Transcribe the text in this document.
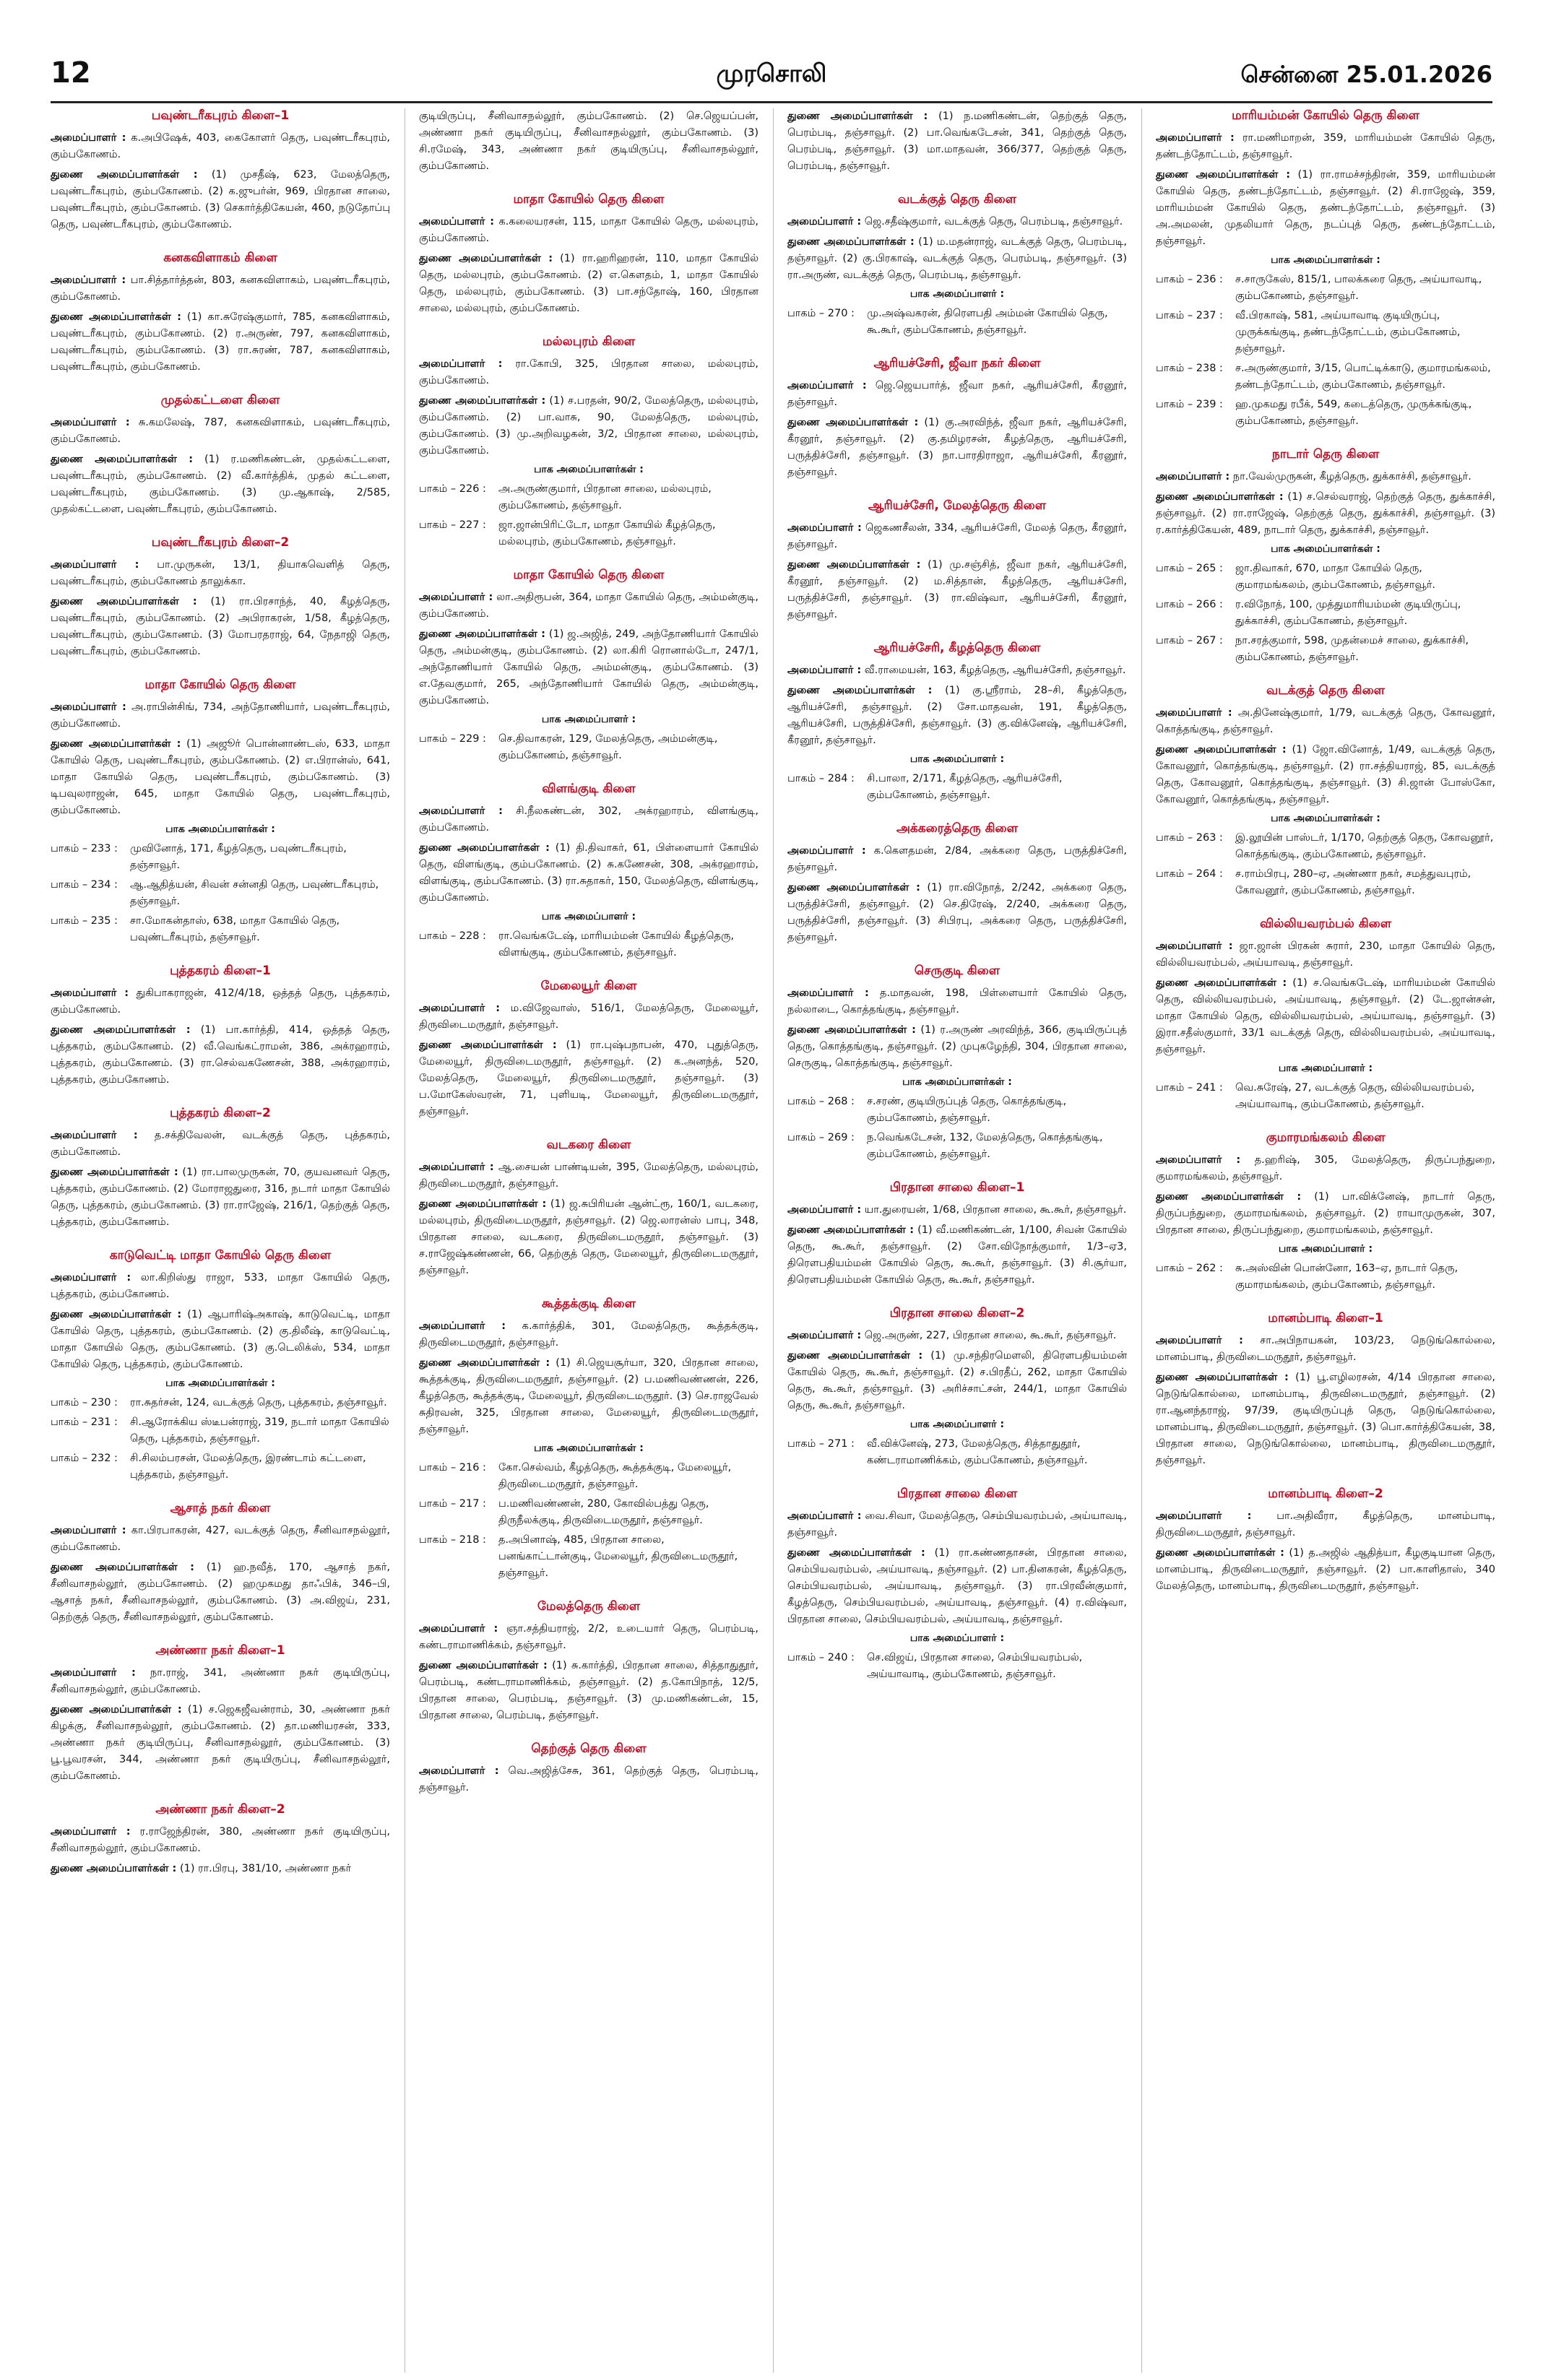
12	முரசொலி	சென்னை 25.01.2026
பவுண்டரீகபுரம் கிளை–1
அமைப்பாளர் : க.அபிஷேக், 403, கைகோளர் தெரு, பவுண்டரீகபுரம், கும்பகோணம்.
துணை அமைப்பாளர்கள் : (1) முசதீஷ், 623, மேலத்தெரு, பவுண்டரீகபுரம், கும்பகோணம். (2) க.ஜுபர்ன், 969, பிரதான சாலை, பவுண்டரீகபுரம், கும்பகோணம். (3) செகார்த்திகேயன், 460, நடுதோப்பு தெரு, பவுண்டரீகபுரம், கும்பகோணம்.
கனகவிளாகம் கிளை
அமைப்பாளர் : பா.சித்தார்த்தன், 803, கனகவிளாகம், பவுண்டரீகபுரம், கும்பகோணம்.
துணை அமைப்பாளர்கள் : (1) கா.சுரேஷ்குமார், 785, கனகவிளாகம், பவுண்டரீகபுரம், கும்பகோணம். (2) ர.அருண், 797, கனகவிளாகம், பவுண்டரீகபுரம், கும்பகோணம். (3) ரா.சுரண், 787, கனகவிளாகம், பவுண்டரீகபுரம், கும்பகோணம்.
முதல்கட்டளை கிளை
அமைப்பாளர் : சு.கமலேஷ், 787, கனகவிளாகம், பவுண்டரீகபுரம், கும்பகோணம்.
துணை அமைப்பாளர்கள் : (1) ர.மணிகண்டன், முதல்கட்டளை, பவுண்டரீகபுரம், கும்பகோணம். (2) வீ.கார்த்திக், முதல் கட்டளை, பவுண்டரீகபுரம், கும்பகோணம். (3) மு.ஆகாஷ், 2/585, முதல்கட்டளை, பவுண்டரீகபுரம், கும்பகோணம்.
பவுண்டரீகபுரம் கிளை–2
அமைப்பாளர் : பா.முருகன், 13/1, தியாகவெளித் தெரு, பவுண்டரீகபுரம், கும்பகோணம் தாலுக்கா.
துணை அமைப்பாளர்கள் : (1) ரா.பிரசாந்த், 40, கீழத்தெரு, பவுண்டரீகபுரம், கும்பகோணம். (2) அபிராகரன், 1/58, கீழத்தெரு, பவுண்டரீகபுரம், கும்பகோணம். (3) மோபரதராஜ், 64, நேதாஜி தெரு, பவுண்டரீகபுரம், கும்பகோணம்.
மாதா கோயில் தெரு கிளை
அமைப்பாளர் : அ.ராபின்சிங், 734, அந்தோணியார், பவுண்டரீகபுரம், கும்பகோணம்.
துணை அமைப்பாளர்கள் : (1) அஜூர் பொன்னாண்டஸ், 633, மாதா கோயில் தெரு, பவுண்டரீகபுரம், கும்பகோணம். (2) எ.பிரான்ஸ், 641, மாதா கோயில் தெரு, பவுண்டரீகபுரம், கும்பகோணம். (3) டிபவுலராஜன், 645, மாதா கோயில் தெரு, பவுண்டரீகபுரம், கும்பகோணம்.
பாக அமைப்பாளர்கள் :
பாகம் – 233 :	முவினோத், 171, கீழத்தெரு, பவுண்டரீகபுரம், தஞ்சாவூர்.
பாகம் – 234 :	ஆ.ஆதித்யன், சிவன் சன்னதி தெரு, பவுண்டரீகபுரம், தஞ்சாவூர்.
பாகம் – 235 :	சா.மோகன்தாஸ், 638, மாதா கோயில் தெரு, பவுண்டரீகபுரம், தஞ்சாவூர்.
புத்தகரம் கிளை–1
அமைப்பாளர் : துகிபாகராஜன், 412/4/18, ஒத்தத் தெரு, புத்தகரம், கும்பகோணம்.
துணை அமைப்பாளர்கள் : (1) பா.கார்த்தி, 414, ஒத்தத் தெரு, புத்தகரம், கும்பகோணம். (2) வீ.வெங்கட்ராமன், 386, அக்ரஹாரம், புத்தகரம், கும்பகோணம். (3) ரா.செல்வகணேசன், 388, அக்ரஹாரம், புத்தகரம், கும்பகோணம்.
புத்தகரம் கிளை–2
அமைப்பாளர் : த.சக்திவேலன், வடக்குத் தெரு, புத்தகரம், கும்பகோணம்.
துணை அமைப்பாளர்கள் : (1) ரா.பாலமுருகன், 70, குயவனவர் தெரு, புத்தகரம், கும்பகோணம். (2) மோராஜதுரை, 316, நடார் மாதா கோயில் தெரு, புத்தகரம், கும்பகோணம். (3) ரா.ராஜேஷ், 216/1, தெற்குத் தெரு, புத்தகரம், கும்பகோணம்.
காடுவெட்டி மாதா கோயில் தெரு கிளை
அமைப்பாளர் : லா.கிறிஸ்து ராஜா, 533, மாதா கோயில் தெரு, புத்தகரம், கும்பகோணம்.
துணை அமைப்பாளர்கள் : (1) ஆபாரிஷ்அகாஷ், காடுவெட்டி, மாதா கோயில் தெரு, புத்தகரம், கும்பகோணம். (2) கு.திலீஷ், காடுவெட்டி, மாதா கோயில் தெரு, கும்பகோணம். (3) கு.டெலிக்ஸ், 534, மாதா கோயில் தெரு, புத்தகரம், கும்பகோணம்.
பாக அமைப்பாளர்கள் :
பாகம் – 230 :	ரா.சுதர்சன், 124, வடக்குத் தெரு, புத்தகரம், தஞ்சாவூர்.
பாகம் – 231 :	சி.ஆரோக்கிய ஸ்டீபன்ராஜ், 319, நடார் மாதா கோயில் தெரு, புத்தகரம், தஞ்சாவூர்.
பாகம் – 232 :	சி.சிலம்பரசன், மேலத்தெரு, இரண்டாம் கட்டளை, புத்தகரம், தஞ்சாவூர்.
ஆசாத் நகர் கிளை
அமைப்பாளர் : கா.பிரபாகரன், 427, வடக்குத் தெரு, சீனிவாசநல்லூர், கும்பகோணம்.
துணை அமைப்பாளர்கள் : (1) ஹ.நவீத், 170, ஆசாத் நகர், சீனிவாசநல்லூர், கும்பகோணம். (2) ஹமுகமது தாஃபிக், 346–பி, ஆசாத் நகர், சீனிவாசநல்லூர், கும்பகோணம். (3) அ.விஜய், 231, தெற்குத் தெரு, சீனிவாசநல்லூர், கும்பகோணம்.
அண்ணா நகர் கிளை–1
அமைப்பாளர் : நா.ராஜ், 341, அண்ணா நகர் குடியிருப்பு, சீனிவாசநல்லூர், கும்பகோணம்.
துணை அமைப்பாளர்கள் : (1) ச.ஜெகஜீவன்ராம், 30, அண்ணா நகர் கிழக்கு, சீனிவாசநல்லூர், கும்பகோணம். (2) தா.மணியரசன், 333, அண்ணா நகர் குடியிருப்பு, சீனிவாசநல்லூர், கும்பகோணம். (3) பூ.பூவரசன், 344, அண்ணா நகர் குடியிருப்பு, சீனிவாசநல்லூர், கும்பகோணம்.
அண்ணா நகர் கிளை–2
அமைப்பாளர் : ர.ராஜேந்திரன், 380, அண்ணா நகர் குடியிருப்பு, சீனிவாசநல்லூர், கும்பகோணம்.
துணை அமைப்பாளர்கள் : (1) ரா.பிரபு, 381/10, அண்ணா நகர்
குடியிருப்பு, சீனிவாசநல்லூர், கும்பகோணம். (2) செ.ஜெயப்பன், அண்ணா நகர் குடியிருப்பு, சீனிவாசநல்லூர், கும்பகோணம். (3) சி.ரமேஷ், 343, அண்ணா நகர் குடியிருப்பு, சீனிவாசநல்லூர், கும்பகோணம்.
மாதா கோயில் தெரு கிளை
அமைப்பாளர் : க.கலையரசன், 115, மாதா கோயில் தெரு, மல்லபுரம், கும்பகோணம்.
துணை அமைப்பாளர்கள் : (1) ரா.ஹரிஹரன், 110, மாதா கோயில் தெரு, மல்லபுரம், கும்பகோணம். (2) எ.கெளதம், 1, மாதா கோயில் தெரு, மல்லபுரம், கும்பகோணம். (3) பா.சந்தோஷ், 160, பிரதான சாலை, மல்லபுரம், கும்பகோணம்.
மல்லபுரம் கிளை
அமைப்பாளர் : ரா.கோபி, 325, பிரதான சாலை, மல்லபுரம், கும்பகோணம்.
துணை அமைப்பாளர்கள் : (1) ச.பரதன், 90/2, மேலத்தெரு, மல்லபுரம், கும்பகோணம். (2) பா.வாசு, 90, மேலத்தெரு, மல்லபுரம், கும்பகோணம். (3) மு.அறிவழகன், 3/2, பிரதான சாலை, மல்லபுரம், கும்பகோணம்.
பாக அமைப்பாளர்கள் :
பாகம் – 226 :	அ.அருண்குமார், பிரதான சாலை, மல்லபுரம், கும்பகோணம், தஞ்சாவூர்.
பாகம் – 227 :	ஜா.ஜான்பிரிட்டோ, மாதா கோயில் கீழத்தெரு, மல்லபுரம், கும்பகோணம், தஞ்சாவூர்.
மாதா கோயில் தெரு கிளை
அமைப்பாளர் : லா.அதிரூபன், 364, மாதா கோயில் தெரு, அம்மன்குடி, கும்பகோணம்.
துணை அமைப்பாளர்கள் : (1) ஜ.அஜித், 249, அந்தோணியார் கோயில் தெரு, அம்மன்குடி, கும்பகோணம். (2) லா.கிரி ரொனால்டோ, 247/1, அந்தோணியார் கோயில் தெரு, அம்மன்குடி, கும்பகோணம். (3) எ.தேவகுமார், 265, அந்தோணியார் கோயில் தெரு, அம்மன்குடி, கும்பகோணம்.
பாக அமைப்பாளர் :
பாகம் – 229 :	செ.திவாகரன், 129, மேலத்தெரு, அம்மன்குடி, கும்பகோணம், தஞ்சாவூர்.
விளங்குடி கிளை
அமைப்பாளர் : சி.நீலகண்டன், 302, அக்ரஹாரம், விளங்குடி, கும்பகோணம்.
துணை அமைப்பாளர்கள் : (1) தி.திவாகர், 61, பிள்ளையார் கோயில் தெரு, விளங்குடி, கும்பகோணம். (2) சு.கணேசன், 308, அக்ரஹாரம், விளங்குடி, கும்பகோணம். (3) ரா.சுதாகர், 150, மேலத்தெரு, விளங்குடி, கும்பகோணம்.
பாக அமைப்பாளர் :
பாகம் – 228 :	ரா.வெங்கடேஷ், மாரியம்மன் கோயில் கீழத்தெரு, விளங்குடி, கும்பகோணம், தஞ்சாவூர்.
மேலையூர் கிளை
அமைப்பாளர் : ம.விஜேவாஸ், 516/1, மேலத்தெரு, மேலையூர், திருவிடைமருதூர், தஞ்சாவூர்.
துணை அமைப்பாளர்கள் : (1) ரா.புஷ்பநாபன், 470, புதுத்தெரு, மேலையூர், திருவிடைமருதூர், தஞ்சாவூர். (2) க.அனந்த், 520, மேலத்தெரு, மேலையூர், திருவிடைமருதூர், தஞ்சாவூர். (3) ப.மோகேஸ்வரன், 71, புளியடி, மேலையூர், திருவிடைமருதூர், தஞ்சாவூர்.
வடகரை கிளை
அமைப்பாளர் : ஆ.சையன் பாண்டியன், 395, மேலத்தெரு, மல்லபுரம், திருவிடைமருதூர், தஞ்சாவூர்.
துணை அமைப்பாளர்கள் : (1) ஜ.சுபிரியன் ஆன்ட்ரூ, 160/1, வடகரை, மல்லபுரம், திருவிடைமருதூர், தஞ்சாவூர். (2) ஜெ.லாரன்ஸ் பாபு, 348, பிரதான சாலை, வடகரை, திருவிடைமருதூர், தஞ்சாவூர். (3) ச.ராஜேஷ்கண்ணன், 66, தெற்குத் தெரு, மேலையூர், திருவிடைமருதூர், தஞ்சாவூர்.
கூத்தக்குடி கிளை
அமைப்பாளர் : க.கார்த்திக், 301, மேலத்தெரு, கூத்தக்குடி, திருவிடைமருதூர், தஞ்சாவூர்.
துணை அமைப்பாளர்கள் : (1) சி.ஜெயசூர்யா, 320, பிரதான சாலை, கூத்தக்குடி, திருவிடைமருதூர், தஞ்சாவூர். (2) ப.மணிவண்ணன், 226, கீழத்தெரு, கூத்தக்குடி, மேலையூர், திருவிடைமருதூர். (3) செ.ராஜவேல் சுதிரவன், 325, பிரதான சாலை, மேலையூர், திருவிடைமருதூர், தஞ்சாவூர்.
பாக அமைப்பாளர்கள் :
பாகம் – 216 :	கோ.செல்வம், கீழத்தெரு, கூத்தக்குடி, மேலையூர், திருவிடைமருதூர், தஞ்சாவூர்.
பாகம் – 217 :	ப.மணிவண்ணன், 280, கோவில்பத்து தெரு, திருநீலக்குடி, திருவிடைமருதூர், தஞ்சாவூர்.
பாகம் – 218 :	த.அபினாஷ், 485, பிரதான சாலை, பனங்காட்டான்குடி, மேலையூர், திருவிடைமருதூர், தஞ்சாவூர்.
மேலத்தெரு கிளை
அமைப்பாளர் : ஞா.சத்தியராஜ், 2/2, உடையார் தெரு, பெரம்படி, கண்டராமாணிக்கம், தஞ்சாவூர்.
துணை அமைப்பாளர்கள் : (1) சு.கார்த்தி, பிரதான சாலை, சித்தாதுதூர், பெரம்படி, கண்டராமாணிக்கம், தஞ்சாவூர். (2) த.கோபிநாத், 12/5, பிரதான சாலை, பெரம்படி, தஞ்சாவூர். (3) மு.மணிகண்டன், 15, பிரதான சாலை, பெரம்படி, தஞ்சாவூர்.
தெற்குத் தெரு கிளை
அமைப்பாளர் : வெ.அஜித்சேசு, 361, தெற்குத் தெரு, பெரம்படி, தஞ்சாவூர்.
துணை அமைப்பாளர்கள் : (1) ந.மணிகண்டன், தெற்குத் தெரு, பெரம்படி, தஞ்சாவூர். (2) பா.வெங்கடேசன், 341, தெற்குத் தெரு, பெரம்படி, தஞ்சாவூர். (3) மா.மாதவன், 366/377, தெற்குத் தெரு, பெரம்படி, தஞ்சாவூர்.
வடக்குத் தெரு கிளை
அமைப்பாளர் : ஜெ.சதீஷ்குமார், வடக்குத் தெரு, பெரம்படி, தஞ்சாவூர்.
துணை அமைப்பாளர்கள் : (1) ம.மதன்ராஜ், வடக்குத் தெரு, பெரம்படி, தஞ்சாவூர். (2) கு.பிரகாஷ், வடக்குத் தெரு, பெரம்படி, தஞ்சாவூர். (3) ரா.அருண், வடக்குத் தெரு, பெரம்படி, தஞ்சாவூர்.
பாக அமைப்பாளர் :
பாகம் – 270 :	மு.அஷ்வகரன், திரௌபதி அம்மன் கோயில் தெரு, கூ.கூர், கும்பகோணம், தஞ்சாவூர்.
ஆரியச்சேரி, ஜீவா நகர் கிளை
அமைப்பாளர் : ஜெ.ஜெயபார்த், ஜீவா நகர், ஆரியச்சேரி, கீரனூர், தஞ்சாவூர்.
துணை அமைப்பாளர்கள் : (1) கு.அரவிந்த், ஜீவா நகர், ஆரியச்சேரி, கீரனூர், தஞ்சாவூர். (2) கு.தமிழரசன், கீழத்தெரு, ஆரியச்சேரி, பருத்திச்சேரி, தஞ்சாவூர். (3) நா.பாரதிராஜா, ஆரியச்சேரி, கீரனூர், தஞ்சாவூர்.
ஆரியச்சேரி, மேலத்தெரு கிளை
அமைப்பாளர் : ஜெகணசீலன், 334, ஆரியச்சேரி, மேலத் தெரு, கீரனூர், தஞ்சாவூர்.
துணை அமைப்பாளர்கள் : (1) மு.சஞ்சித், ஜீவா நகர், ஆரியச்சேரி, கீரனூர், தஞ்சாவூர். (2) ம.சித்தான், கீழத்தெரு, ஆரியச்சேரி, பருத்திச்சேரி, தஞ்சாவூர். (3) ரா.விஷ்வா, ஆரியச்சேரி, கீரனூர், தஞ்சாவூர்.
ஆரியச்சேரி, கீழத்தெரு கிளை
அமைப்பாளர் : வீ.ராமையன், 163, கீழத்தெரு, ஆரியச்சேரி, தஞ்சாவூர்.
துணை அமைப்பாளர்கள் : (1) கு.ஸ்ரீராம், 28–சி, கீழத்தெரு, ஆரியச்சேரி, தஞ்சாவூர். (2) சோ.மாதவன், 191, கீழத்தெரு, ஆரியச்சேரி, பருத்திச்சேரி, தஞ்சாவூர். (3) கு.விக்னேஷ், ஆரியச்சேரி, கீரனூர், தஞ்சாவூர்.
பாக அமைப்பாளர் :
பாகம் – 284 :	சி.பாலா, 2/171, கீழத்தெரு, ஆரியச்சேரி, கும்பகோணம், தஞ்சாவூர்.
அக்கரைத்தெரு கிளை
அமைப்பாளர் : க.கெளதமன், 2/84, அக்கரை தெரு, பருத்திச்சேரி, தஞ்சாவூர்.
துணை அமைப்பாளர்கள் : (1) ரா.விநோத், 2/242, அக்கரை தெரு, பருத்திச்சேரி, தஞ்சாவூர். (2) செ.திரேஷ், 2/240, அக்கரை தெரு, பருத்திச்சேரி, தஞ்சாவூர். (3) சிபிரபு, அக்கரை தெரு, பருத்திச்சேரி, தஞ்சாவூர்.
செருகுடி கிளை
அமைப்பாளர் : த.மாதவன், 198, பிள்ளையார் கோயில் தெரு, நல்லாடை, கொத்தங்குடி, தஞ்சாவூர்.
துணை அமைப்பாளர்கள் : (1) ர.அருண் அரவிந்த், 366, குடியிருப்புத் தெரு, கொத்தங்குடி, தஞ்சாவூர். (2) முபுகழேந்தி, 304, பிரதான சாலை, செருகுடி, கொத்தங்குடி, தஞ்சாவூர்.
பாக அமைப்பாளர்கள் :
பாகம் – 268 :	ச.சரண், குடியிருப்புத் தெரு, கொத்தங்குடி, கும்பகோணம், தஞ்சாவூர்.
பாகம் – 269 :	ந.வெங்கடேசன், 132, மேலத்தெரு, கொத்தங்குடி, கும்பகோணம், தஞ்சாவூர்.
பிரதான சாலை கிளை–1
அமைப்பாளர் : யா.துரையன், 1/68, பிரதான சாலை, கூ.கூர், தஞ்சாவூர்.
துணை அமைப்பாளர்கள் : (1) வீ.மணிகண்டன், 1/100, சிவன் கோயில் தெரு, கூ.கூர், தஞ்சாவூர். (2) சோ.விநோத்குமார், 1/3–ஏ3, திரௌபதியம்மன் கோயில் தெரு, கூ.கூர், தஞ்சாவூர். (3) சி.சூர்யா, திரௌபதியம்மன் கோயில் தெரு, கூ.கூர், தஞ்சாவூர்.
பிரதான சாலை கிளை–2
அமைப்பாளர் : ஜெ.அருண், 227, பிரதான சாலை, கூ.கூர், தஞ்சாவூர்.
துணை அமைப்பாளர்கள் : (1) மு.சந்திரமௌலி, திரௌபதியம்மன் கோயில் தெரு, கூ.கூர், தஞ்சாவூர். (2) ச.பிரதீப், 262, மாதா கோயில் தெரு, கூ.கூர், தஞ்சாவூர். (3) அரிச்சாட்சன், 244/1, மாதா கோயில் தெரு, கூ.கூர், தஞ்சாவூர்.
பாக அமைப்பாளர் :
பாகம் – 271 :	வீ.விக்னேஷ், 273, மேலத்தெரு, சித்தாதுதூர், கண்டராமாணிக்கம், கும்பகோணம், தஞ்சாவூர்.
பிரதான சாலை கிளை
அமைப்பாளர் : வை.சிவா, மேலத்தெரு, செம்பியவரம்பல், அய்யாவடி, தஞ்சாவூர்.
துணை அமைப்பாளர்கள் : (1) ரா.கண்ணதாசன், பிரதான சாலை, செம்பியவரம்பல், அய்யாவடி, தஞ்சாவூர். (2) பா.தினகரன், கீழத்தெரு, செம்பியவரம்பல், அய்யாவடி, தஞ்சாவூர். (3) ரா.பிரவீன்குமார், கீழத்தெரு, செம்பியவரம்பல், அய்யாவடி, தஞ்சாவூர். (4) ர.விஷ்வா, பிரதான சாலை, செம்பியவரம்பல், அய்யாவடி, தஞ்சாவூர்.
பாக அமைப்பாளர் :
பாகம் – 240 :	செ.விஜய், பிரதான சாலை, செம்பியவரம்பல், அய்யாவாடி, கும்பகோணம், தஞ்சாவூர்.
மாரியம்மன் கோயில் தெரு கிளை
அமைப்பாளர் : ரா.மணிமாறன், 359, மாரியம்மன் கோயில் தெரு, தண்டந்தோட்டம், தஞ்சாவூர்.
துணை அமைப்பாளர்கள் : (1) ரா.ராமச்சந்திரன், 359, மாரியம்மன் கோயில் தெரு, தண்டந்தோட்டம், தஞ்சாவூர். (2) சி.ராஜேஷ், 359, மாரியம்மன் கோயில் தெரு, தண்டந்தோட்டம், தஞ்சாவூர். (3) அ.அமலன், முதலியார் தெரு, நடப்புத் தெரு, தண்டந்தோட்டம், தஞ்சாவூர்.
பாக அமைப்பாளர்கள் :
பாகம் – 236 :	ச.சாருகேஸ், 815/1, பாலக்கரை தெரு, அய்யாவாடி, கும்பகோணம், தஞ்சாவூர்.
பாகம் – 237 :	வீ.பிரகாஷ், 581, அய்யாவாடி குடியிருப்பு, முருக்கங்குடி, தண்டந்தோட்டம், கும்பகோணம், தஞ்சாவூர்.
பாகம் – 238 :	ச.அருண்குமார், 3/15, பொட்டிக்காடு, குமாரமங்கலம், தண்டந்தோட்டம், கும்பகோணம், தஞ்சாவூர்.
பாகம் – 239 :	ஹ.முகமது ரபீக், 549, கடைத்தெரு, முருக்கங்குடி, கும்பகோணம், தஞ்சாவூர்.
நாடார் தெரு கிளை
அமைப்பாளர் : நா.வேல்முருகன், கீழத்தெரு, துக்காச்சி, தஞ்சாவூர்.
துணை அமைப்பாளர்கள் : (1) ச.செல்வராஜ், தெற்குத் தெரு, துக்காச்சி, தஞ்சாவூர். (2) ரா.ராஜேஷ், தெற்குத் தெரு, துக்காச்சி, தஞ்சாவூர். (3) ர.கார்த்திகேயன், 489, நாடார் தெரு, துக்காச்சி, தஞ்சாவூர்.
பாக அமைப்பாளர்கள் :
பாகம் – 265 :	ஜா.திவாகர், 670, மாதா கோயில் தெரு, குமாரமங்கலம், கும்பகோணம், தஞ்சாவூர்.
பாகம் – 266 :	ர.விநோத், 100, முத்துமாரியம்மன் குடியிருப்பு, துக்காச்சி, கும்பகோணம், தஞ்சாவூர்.
பாகம் – 267 :	நா.சரத்குமார், 598, முதன்மைச் சாலை, துக்காச்சி, கும்பகோணம், தஞ்சாவூர்.
வடக்குத் தெரு கிளை
அமைப்பாளர் : அ.தினேஷ்குமார், 1/79, வடக்குத் தெரு, கோவனூர், கொத்தங்குடி, தஞ்சாவூர்.
துணை அமைப்பாளர்கள் : (1) ஜோ.வினோத், 1/49, வடக்குத் தெரு, கோவனூர், கொத்தங்குடி, தஞ்சாவூர். (2) ரா.சத்தியராஜ், 85, வடக்குத் தெரு, கோவனூர், கொத்தங்குடி, தஞ்சாவூர். (3) சி.ஜான் போஸ்கோ, கோவனூர், கொத்தங்குடி, தஞ்சாவூர்.
பாக அமைப்பாளர்கள் :
பாகம் – 263 :	இ.லூயின் பாஸ்டர், 1/170, தெற்குத் தெரு, கோவனூர், கொத்தங்குடி, கும்பகோணம், தஞ்சாவூர்.
பாகம் – 264 :	ச.ராம்பிரபு, 280–ஏ, அண்ணா நகர், சமத்துவபுரம், கோவனூர், கும்பகோணம், தஞ்சாவூர்.
வில்லியவரம்பல் கிளை
அமைப்பாளர் : ஜா.ஜான் பிரகன் சுரார், 230, மாதா கோயில் தெரு, வில்லியவரம்பல், அய்யாவடி, தஞ்சாவூர்.
துணை அமைப்பாளர்கள் : (1) ச.வெங்கடேஷ், மாரியம்மன் கோயில் தெரு, வில்லியவரம்பல், அய்யாவடி, தஞ்சாவூர். (2) டே.ஜான்சன், மாதா கோயில் தெரு, வில்லியவரம்பல், அய்யாவடி, தஞ்சாவூர். (3) இரா.சதீஸ்குமார், 33/1 வடக்குத் தெரு, வில்லியவரம்பல், அய்யாவடி, தஞ்சாவூர்.
பாக அமைப்பாளர் :
பாகம் – 241 :	வெ.சுரேஷ், 27, வடக்குத் தெரு, வில்லியவரம்பல், அய்யாவாடி, கும்பகோணம், தஞ்சாவூர்.
குமாரமங்கலம் கிளை
அமைப்பாளர் : த.ஹரிஷ், 305, மேலத்தெரு, திருப்பந்துறை, குமாரமங்கலம், தஞ்சாவூர்.
துணை அமைப்பாளர்கள் : (1) பா.விக்னேஷ், நாடார் தெரு, திருப்பந்துறை, குமாரமங்கலம், தஞ்சாவூர். (2) ராயாமுருகன், 307, பிரதான சாலை, திருப்பந்துறை, குமாரமங்கலம், தஞ்சாவூர்.
பாக அமைப்பாளர் :
பாகம் – 262 :	சு.அஸ்வின் பொன்னோ, 163–ஏ, நாடார் தெரு, குமாரமங்கலம், கும்பகோணம், தஞ்சாவூர்.
மானம்பாடி கிளை–1
அமைப்பாளர் : சா.அபிநாயகன், 103/23, நெடுங்கொல்லை, மானம்பாடி, திருவிடைமருதூர், தஞ்சாவூர்.
துணை அமைப்பாளர்கள் : (1) பூ.எழிலரசன், 4/14 பிரதான சாலை, நெடுங்கொல்லை, மானம்பாடி, திருவிடைமருதூர், தஞ்சாவூர். (2) ரா.ஆனந்தராஜ், 97/39, குடியிருப்புத் தெரு, நெடுங்கொல்லை, மானம்பாடி, திருவிடைமருதூர், தஞ்சாவூர். (3) பொ.கார்த்திகேயன், 38, பிரதான சாலை, நெடுங்கொல்லை, மானம்பாடி, திருவிடைமருதூர், தஞ்சாவூர்.
மானம்பாடி கிளை–2
அமைப்பாளர் : பா.அதிவீரா, கீழத்தெரு, மானம்பாடி, திருவிடைமருதூர், தஞ்சாவூர்.
துணை அமைப்பாளர்கள் : (1) த.அஜில் ஆதித்யா, கீழகுடியான தெரு, மானம்பாடி, திருவிடைமருதூர், தஞ்சாவூர். (2) பா.காளிதாஸ், 340 மேலத்தெரு, மானம்பாடி, திருவிடைமருதூர், தஞ்சாவூர்.
